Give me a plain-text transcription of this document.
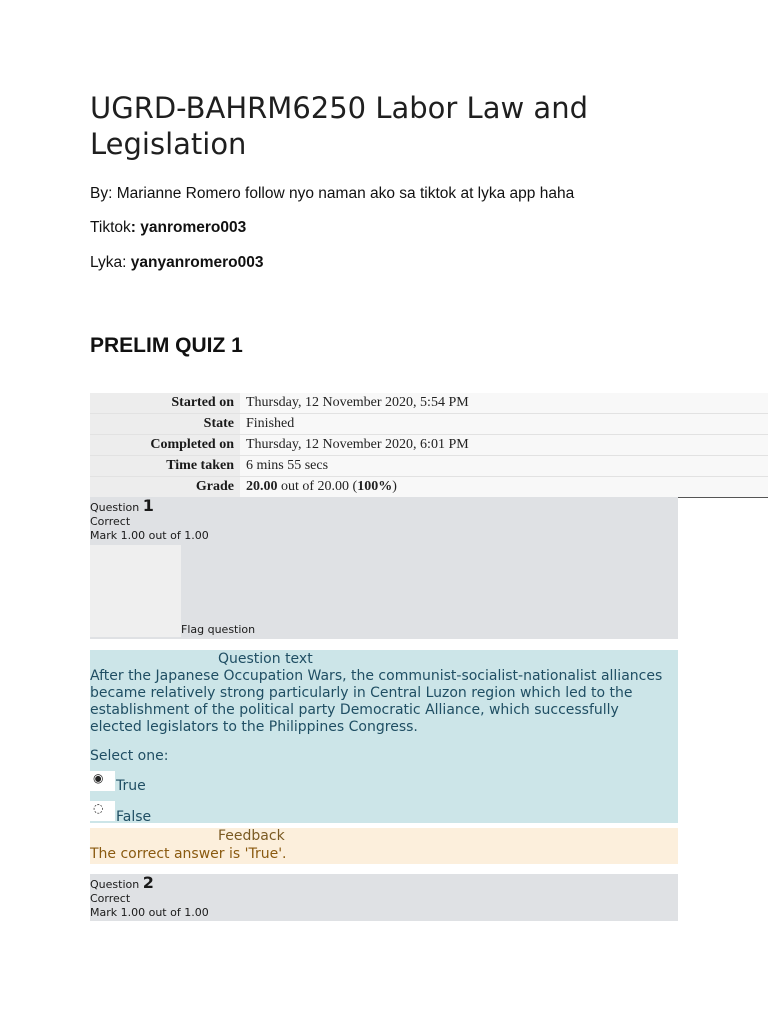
UGRD-BAHRM6250 Labor Law and Legislation
By: Marianne Romero follow nyo naman ako sa tiktok at lyka app haha
Tiktok: yanromero003
Lyka: yanyanromero003
PRELIM QUIZ 1
Started on	Thursday, 12 November 2020, 5:54 PM
State	Finished
Completed on	Thursday, 12 November 2020, 6:01 PM
Time taken	6 mins 55 secs
Grade	20.00 out of 20.00 (100%)
Question 1
Correct
Mark 1.00 out of 1.00
Flag question
Question text
After the Japanese Occupation Wars, the communist-socialist-nationalist alliances became relatively strong particularly in Central Luzon region which led to the establishment of the political party Democratic Alliance, which successfully elected legislators to the Philippines Congress.
Select one:
◉ True
◌
False
Feedback
The correct answer is 'True'.
Question 2
Correct
Mark 1.00 out of 1.00
